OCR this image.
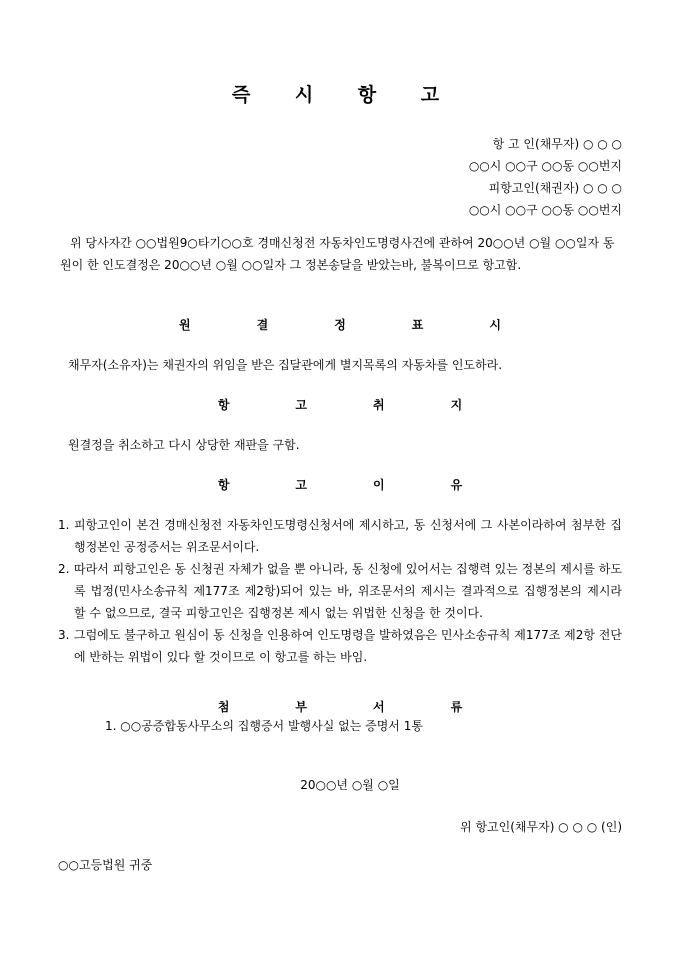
즉 시 항 고
항 고 인(채무자) ○ ○ ○
○○시 ○○구 ○○동 ○○번지
피항고인(채권자) ○ ○ ○
○○시 ○○구 ○○동 ○○번지
위 당사자간 ○○법원9○타기○○호 경매신청전 자동차인도명령사건에 관하여 20○○년 ○월 ○○일자 동원이 한 인도결정은 20○○년 ○월 ○○일자 그 정본송달을 받았는바, 불복이므로 항고함.
원	결	정	표	시
채무자(소유자)는 채권자의 위임을 받은 집달관에게 별지목록의 자동차를 인도하라.
항	고	취	지
원결정을 취소하고 다시 상당한 재판을 구함.
항	고	이	유
1. 피항고인이 본건 경매신청전 자동차인도명령신청서에 제시하고, 동 신청서에 그 사본이라하여 첨부한 집행정본인 공정증서는 위조문서이다.
2. 따라서 피항고인은 동 신청권 자체가 없을 뿐 아니라, 동 신청에 있어서는 집행력 있는 정본의 제시를 하도록 법정(민사소송규칙 제177조 제2항)되어 있는 바, 위조문서의 제시는 결과적으로 집행정본의 제시라 할 수 없으므로, 결국 피항고인은 집행정본 제시 없는 위법한 신청을 한 것이다.
3. 그럼에도 불구하고 원심이 동 신청을 인용하여 인도명령을 발하였음은 민사소송규칙 제177조 제2항 전단에 반하는 위법이 있다 할 것이므로 이 항고를 하는 바임.
첨	부	서	류
1. ○○공증합동사무소의 집행증서 발행사실 없는 증명서 1통
20○○년 ○월 ○일
위 항고인(채무자) ○ ○ ○ (인)
○○고등법원 귀중
